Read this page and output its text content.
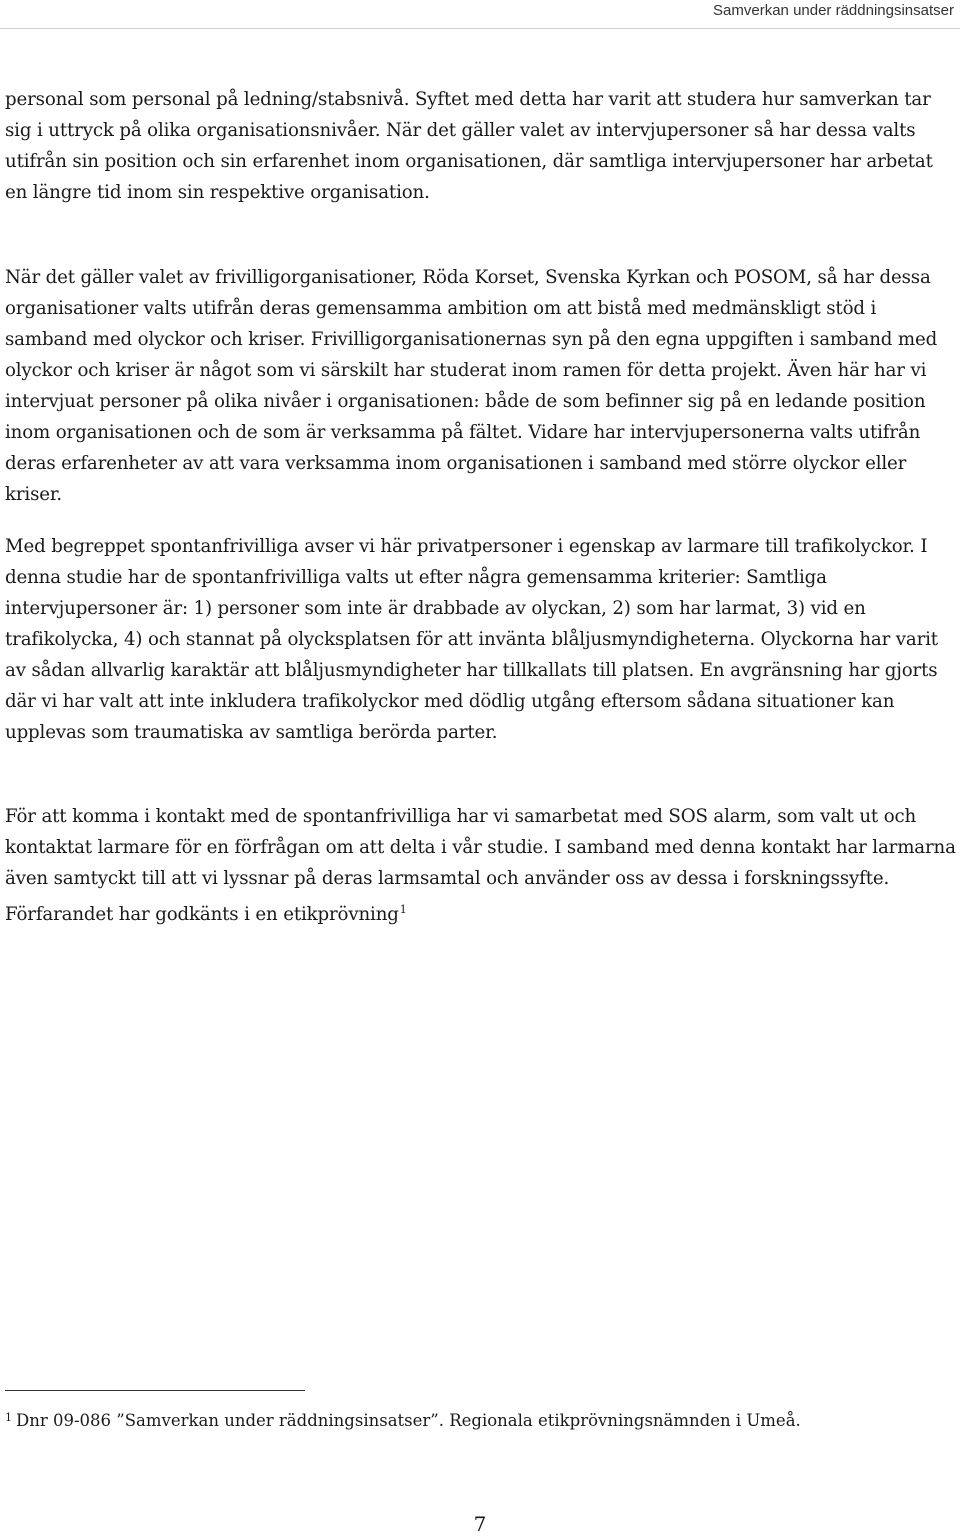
Samverkan under räddningsinsatser

personal som personal på ledning/stabsnivå. Syftet med detta har varit att studera hur samverkan tar sig i uttryck på olika organisationsnivåer. När det gäller valet av intervjupersoner så har dessa valts utifrån sin position och sin erfarenhet inom organisationen, där samtliga intervjupersoner har arbetat en längre tid inom sin respektive organisation.

När det gäller valet av frivilligorganisationer, Röda Korset, Svenska Kyrkan och POSOM, så har dessa organisationer valts utifrån deras gemensamma ambition om att bistå med medmänskligt stöd i samband med olyckor och kriser. Frivilligorganisationernas syn på den egna uppgiften i samband med olyckor och kriser är något som vi särskilt har studerat inom ramen för detta projekt. Även här har vi intervjuat personer på olika nivåer i organisationen: både de som befinner sig på en ledande position inom organisationen och de som är verksamma på fältet. Vidare har intervjupersonerna valts utifrån deras erfarenheter av att vara verksamma inom organisationen i samband med större olyckor eller kriser.

Med begreppet spontanfrivilliga avser vi här privatpersoner i egenskap av larmare till trafikolyckor. I denna studie har de spontanfrivilliga valts ut efter några gemensamma kriterier: Samtliga intervjupersoner är: 1) personer som inte är drabbade av olyckan, 2) som har larmat, 3) vid en trafikolycka, 4) och stannat på olycksplatsen för att invänta blåljusmyndigheterna. Olyckorna har varit av sådan allvarlig karaktär att blåljusmyndigheter har tillkallats till platsen. En avgränsning har gjorts där vi har valt att inte inkludera trafikolyckor med dödlig utgång eftersom sådana situationer kan upplevas som traumatiska av samtliga berörda parter.

För att komma i kontakt med de spontanfrivilliga har vi samarbetat med SOS alarm, som valt ut och kontaktat larmare för en förfrågan om att delta i vår studie. I samband med denna kontakt har larmarna även samtyckt till att vi lyssnar på deras larmsamtal och använder oss av dessa i forskningssyfte. Förfarandet har godkänts i en etikprövning$^1$

$^1$ Dnr 09-086 ”Samverkan under räddningsinsatser”. Regionala etikprövningsnämnden i Umeå.
7
